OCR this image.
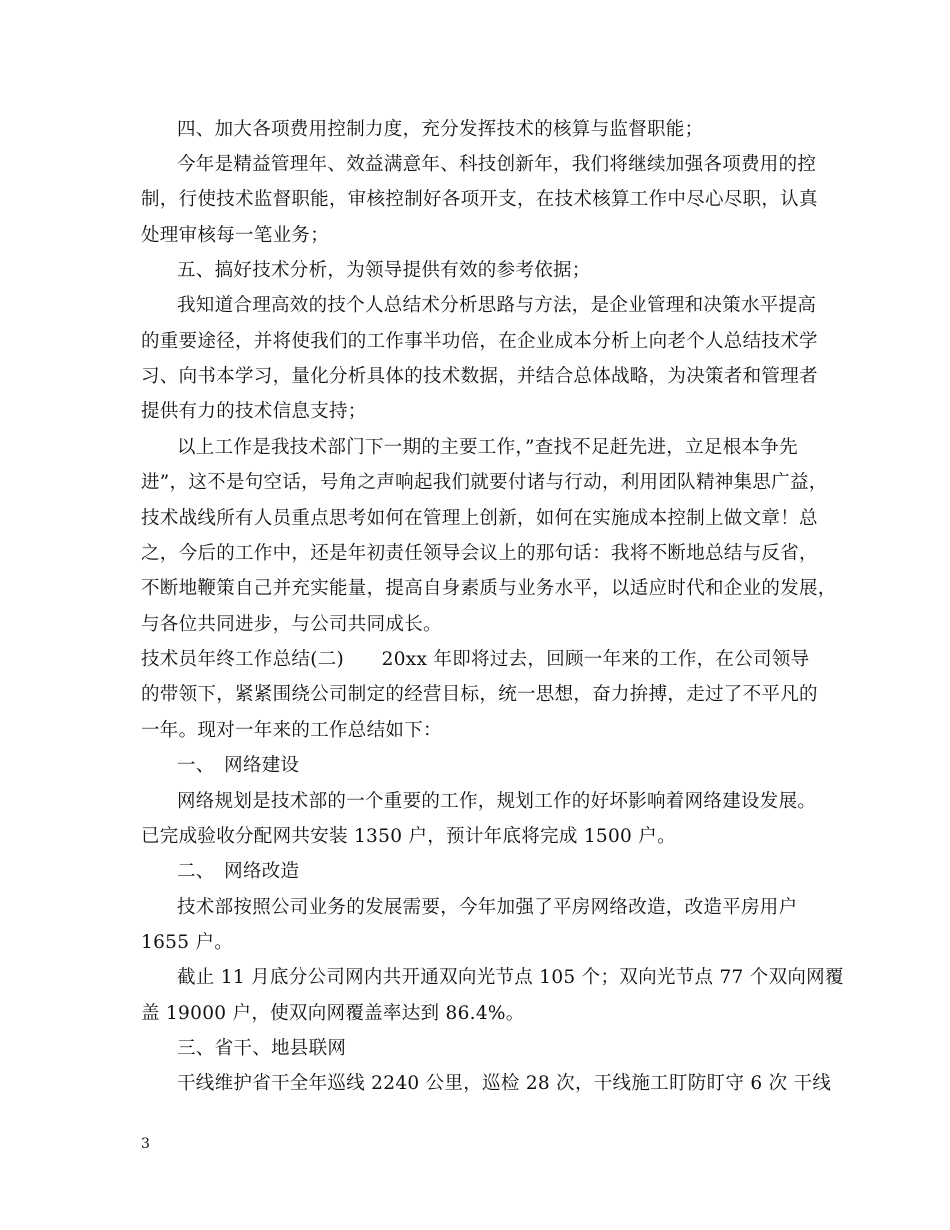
四、加大各项费用控制力度，充分发挥技术的核算与监督职能；
今年是精益管理年、效益满意年、科技创新年，我们将继续加强各项费用的控
制，行使技术监督职能，审核控制好各项开支，在技术核算工作中尽心尽职，认真
处理审核每一笔业务；
五、搞好技术分析，为领导提供有效的参考依据；
我知道合理高效的技个人总结术分析思路与方法，是企业管理和决策水平提高
的重要途径，并将使我们的工作事半功倍，在企业成本分析上向老个人总结技术学
习、向书本学习，量化分析具体的技术数据，并结合总体战略，为决策者和管理者
提供有力的技术信息支持；
以上工作是我技术部门下一期的主要工作，”查找不足赶先进，立足根本争先
进”，这不是句空话，号角之声响起我们就要付诸与行动，利用团队精神集思广益，
技术战线所有人员重点思考如何在管理上创新，如何在实施成本控制上做文章！总
之，今后的工作中，还是年初责任领导会议上的那句话：我将不断地总结与反省，
不断地鞭策自己并充实能量，提高自身素质与业务水平，以适应时代和企业的发展，
与各位共同进步，与公司共同成长。
技术员年终工作总结(二)　　20xx 年即将过去，回顾一年来的工作，在公司领导
的带领下，紧紧围绕公司制定的经营目标，统一思想，奋力拚搏，走过了不平凡的
一年。现对一年来的工作总结如下：
一、　网络建设
网络规划是技术部的一个重要的工作，规划工作的好坏影响着网络建设发展。
已完成验收分配网共安装 1350 户，预计年底将完成 1500 户。
二、　网络改造
技术部按照公司业务的发展需要，今年加强了平房网络改造，改造平房用户
1655 户。
截止 11 月底分公司网内共开通双向光节点 105 个；双向光节点 77 个双向网覆
盖 19000 户，使双向网覆盖率达到 86.4%。
三、省干、地县联网
干线维护省干全年巡线 2240 公里，巡检 28 次，干线施工盯防盯守 6 次 干线
3
